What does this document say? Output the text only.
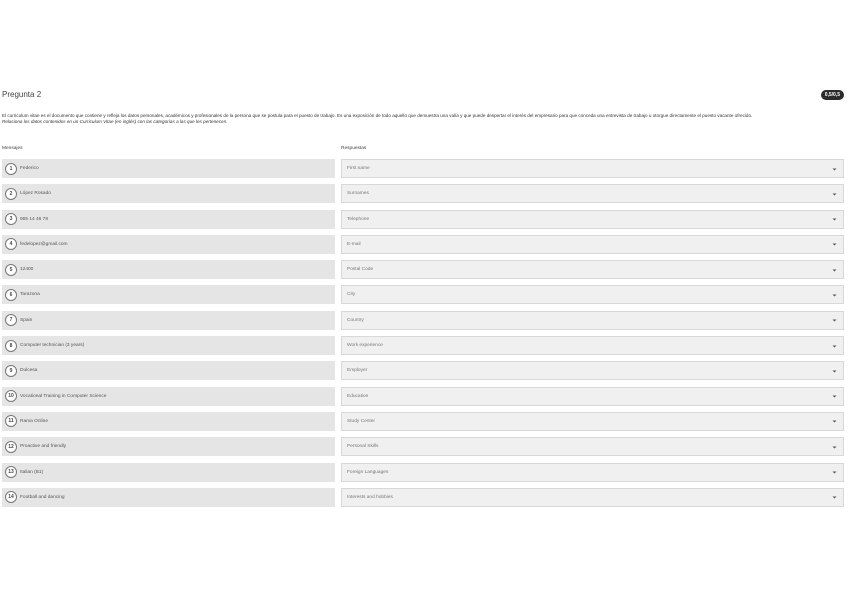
Pregunta 2	0,5/0,5
El curriculum vitae es el documento que contiene y refleja los datos personales, académicos y profesionales de la persona que se postula para el puesto de trabajo. Es una exposición de todo aquello que demuestra una valía y que puede despertar el interés del empresario para que conceda una entrevista de trabajo u otorgue directamente el puesto vacante ofrecido.
Relaciona los datos contenidos en un Curriculum Vitae (en inglés) con las categorías a las que les pertenecen.
Mensajes	Respuestas
1	Federico	First name
2	López Rosado	Surnames
3	965 14 46 78	Telephone
4	fedelopez@gmail.com	E-mail
5	12400	Postal Code
6	Tarazona	City
7	Spain	Country
8	Computer technician (3 years)	Work experience
9	Dulcesa	Employer
10	Vocational Training in Computer Science	Education
11	Rama Online	Study Center
12	Proactive and friendly	Personal Skills
13	Italian (B1)	Foreign Languages
14	Football and dancing	Interests and hobbies
